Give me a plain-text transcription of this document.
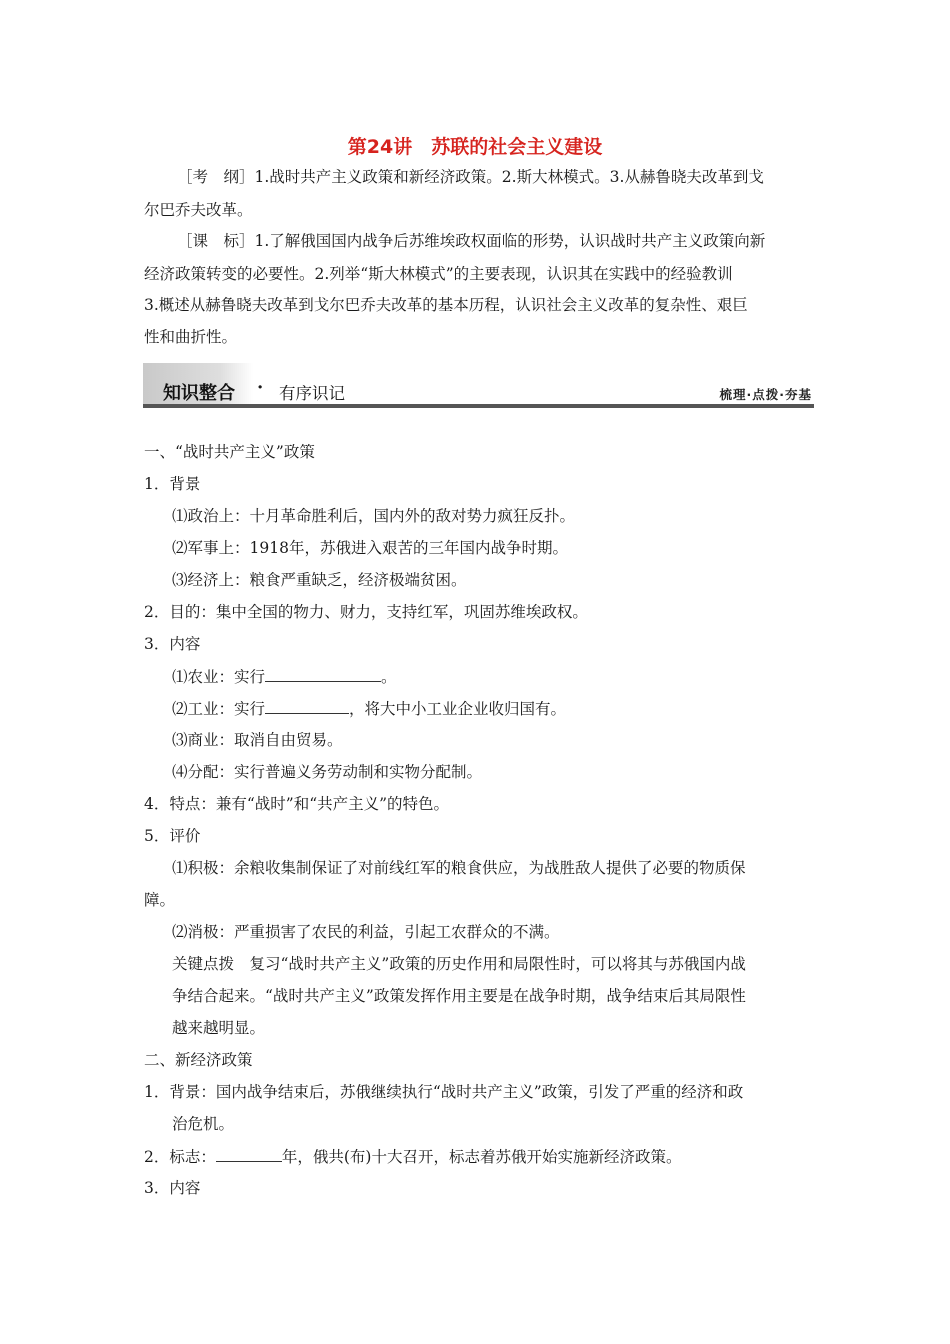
第24讲　苏联的社会主义建设
［考　纲］1.战时共产主义政策和新经济政策。2.斯大林模式。3.从赫鲁晓夫改革到戈
尔巴乔夫改革。
［课　标］1.了解俄国国内战争后苏维埃政权面临的形势，认识战时共产主义政策向新
经济政策转变的必要性。2.列举“斯大林模式”的主要表现，认识其在实践中的经验教训
3.概述从赫鲁晓夫改革到戈尔巴乔夫改革的基本历程，认识社会主义改革的复杂性、艰巨
性和曲折性。
知识整合 · 有序识记	梳理·点拨·夯基
一、“战时共产主义”政策
1．背景
⑴政治上：十月革命胜利后，国内外的敌对势力疯狂反扑。
⑵军事上：1918年，苏俄进入艰苦的三年国内战争时期。
⑶经济上：粮食严重缺乏，经济极端贫困。
2．目的：集中全国的物力、财力，支持红军，巩固苏维埃政权。
3．内容
⑴农业：实行	。
⑵工业：实行	，将大中小工业企业收归国有。
⑶商业：取消自由贸易。
⑷分配：实行普遍义务劳动制和实物分配制。
4．特点：兼有“战时”和“共产主义”的特色。
5．评价
⑴积极：余粮收集制保证了对前线红军的粮食供应，为战胜敌人提供了必要的物质保
障。
⑵消极：严重损害了农民的利益，引起工农群众的不满。
关键点拨　复习“战时共产主义”政策的历史作用和局限性时，可以将其与苏俄国内战
争结合起来。“战时共产主义”政策发挥作用主要是在战争时期，战争结束后其局限性
越来越明显。
二、新经济政策
1．背景：国内战争结束后，苏俄继续执行“战时共产主义”政策，引发了严重的经济和政
治危机。
2．标志：	年，俄共(布)十大召开，标志着苏俄开始实施新经济政策。
3．内容
